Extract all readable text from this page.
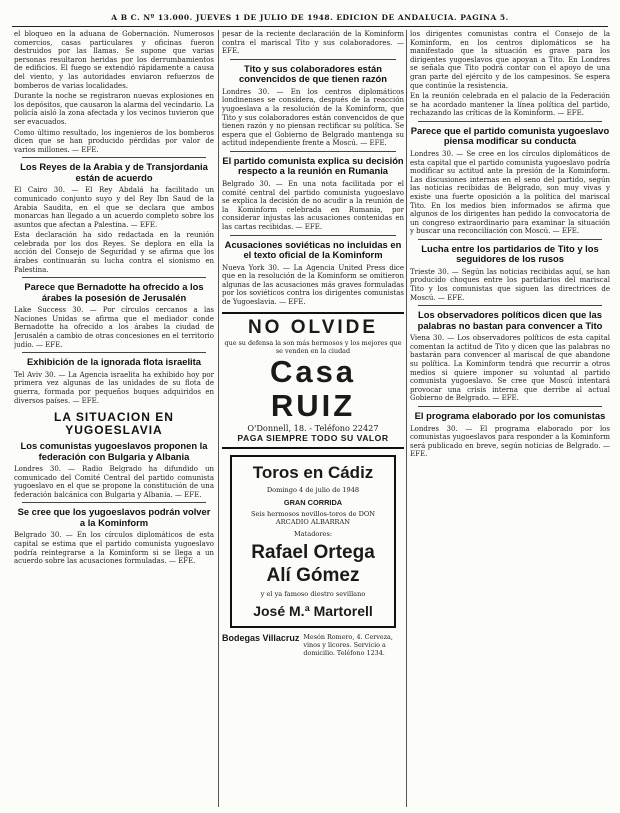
A B C. Nº 13.000. JUEVES 1 DE JULIO DE 1948. EDICION DE ANDALUCIA. PAGINA 5.

el bloqueo en la aduana de Gobernación. Numerosos comercios, casas particulares y oficinas fueron destruidos por las llamas. Se supone que varias personas resultaron heridas por los derrumbamientos de edificios. El fuego se extendió rápidamente a causa del viento, y las autoridades enviaron refuerzos de bomberos de varias localidades.

Durante la noche se registraron nuevas explosiones en los depósitos, que causaron la alarma del vecindario. La policía aisló la zona afectada y los vecinos tuvieron que ser evacuados.

Como último resultado, los ingenieros de los bomberos dicen que se han producido pérdidas por valor de varios millones. — EFE.

Los Reyes de la Arabia y de Transjordania están de acuerdo

El Cairo 30. — El Rey Abdalá ha facilitado un comunicado conjunto suyo y del Rey Ibn Saud de la Arabia Saudita, en el que se declara que ambos monarcas han llegado a un acuerdo completo sobre los asuntos que afectan a Palestina. — EFE.

Esta declaración ha sido redactada en la reunión celebrada por los dos Reyes. Se deplora en ella la acción del Consejo de Seguridad y se afirma que los árabes continuarán su lucha contra el sionismo en Palestina.

Parece que Bernadotte ha ofrecido a los árabes la posesión de Jerusalén

Lake Success 30. — Por círculos cercanos a las Naciones Unidas se afirma que el mediador conde Bernadotte ha ofrecido a los árabes la ciudad de Jerusalén a cambio de otras concesiones en el territorio judío. — EFE.

Exhibición de la ignorada flota israelita

Tel Aviv 30. — La Agencia israelita ha exhibido hoy por primera vez algunas de las unidades de su flota de guerra, formada por pequeños buques adquiridos en diversos países. — EFE.

LA SITUACION EN YUGOESLAVIA
Los comunistas yugoeslavos proponen la federación con Bulgaria y Albania

Londres 30. — Radio Belgrado ha difundido un comunicado del Comité Central del partido comunista yugoeslavo en el que se propone la constitución de una federación balcánica con Bulgaria y Albania. — EFE.

Se cree que los yugoeslavos podrán volver a la Kominform

Belgrado 30. — En los círculos diplomáticos de esta capital se estima que el partido comunista yugoeslavo podría reintegrarse a la Kominform si se llega a un acuerdo sobre las acusaciones formuladas. — EFE.

pesar de la reciente declaración de la Kominform contra el mariscal Tito y sus colaboradores. — EFE.

Tito y sus colaboradores están convencidos de que tienen razón

Londres 30. — En los centros diplomáticos londinenses se considera, después de la reacción yugoeslava a la resolución de la Kominform, que Tito y sus colaboradores están convencidos de que tienen razón y no piensan rectificar su política. Se espera que el Gobierno de Belgrado mantenga su actitud independiente frente a Moscú. — EFE.

El partido comunista explica su decisión respecto a la reunión en Rumania

Belgrado 30. — En una nota facilitada por el comité central del partido comunista yugoeslavo se explica la decisión de no acudir a la reunión de la Kominform celebrada en Rumania, por considerar injustas las acusaciones contenidas en las cartas recibidas. — EFE.

Acusaciones soviéticas no incluidas en el texto oficial de la Kominform

Nueva York 30. — La Agencia United Press dice que en la resolución de la Kominform se omitieron algunas de las acusaciones más graves formuladas por los soviéticos contra los dirigentes comunistas de Yugoeslavia. — EFE.

NO OLVIDE
que su defensa la son más hermosos y los mejores que se venden en la ciudad
Casa RUIZ
O'Donnell, 18. - Teléfono 22427
PAGA SIEMPRE TODO SU VALOR
Toros en Cádiz
Domingo 4 de julio de 1948
GRAN CORRIDA
Seis hermosos novillos-toros de DON ARCADIO ALBARRAN
Matadores:
Rafael Ortega
Alí Gómez
y el ya famoso diestro sevillano
José M.ª Martorell
Bodegas Villacruz Mesón Romero, 4. Cerveza, vinos y licores. Servicio a domicilio. Teléfono 1234.

los dirigentes comunistas contra el Consejo de la Kominform, en los centros diplomáticos se ha manifestado que la situación es grave para los dirigentes yugoeslavos que apoyan a Tito. En Londres se señala que Tito podrá contar con el apoyo de una gran parte del ejército y de los campesinos. Se espera que continúe la resistencia.

En la reunión celebrada en el palacio de la Federación se ha acordado mantener la línea política del partido, rechazando las críticas de la Kominform. — EFE.

Parece que el partido comunista yugoeslavo piensa modificar su conducta

Londres 30. — Se cree en los círculos diplomáticos de esta capital que el partido comunista yugoeslavo podría modificar su actitud ante la presión de la Kominform. Las discusiones internas en el seno del partido, según las noticias recibidas de Belgrado, son muy vivas y existe una fuerte oposición a la política del mariscal Tito. En los medios bien informados se afirma que algunos de los dirigentes han pedido la convocatoria de un congreso extraordinario para examinar la situación y buscar una reconciliación con Moscú. — EFE.

Lucha entre los partidarios de Tito y los seguidores de los rusos

Trieste 30. — Según las noticias recibidas aquí, se han producido choques entre los partidarios del mariscal Tito y los comunistas que siguen las directrices de Moscú. — EFE.

Los observadores políticos dicen que las palabras no bastan para convencer a Tito

Viena 30. — Los observadores políticos de esta capital comentan la actitud de Tito y dicen que las palabras no bastarán para convencer al mariscal de que abandone su política. La Kominform tendrá que recurrir a otros medios si quiere imponer su voluntad al partido comunista yugoeslavo. Se cree que Moscú intentará provocar una crisis interna que derribe al actual Gobierno de Belgrado. — EFE.

El programa elaborado por los comunistas

Londres 30. — El programa elaborado por los comunistas yugoeslavos para responder a la Kominform será publicado en breve, según noticias de Belgrado. — EFE.
